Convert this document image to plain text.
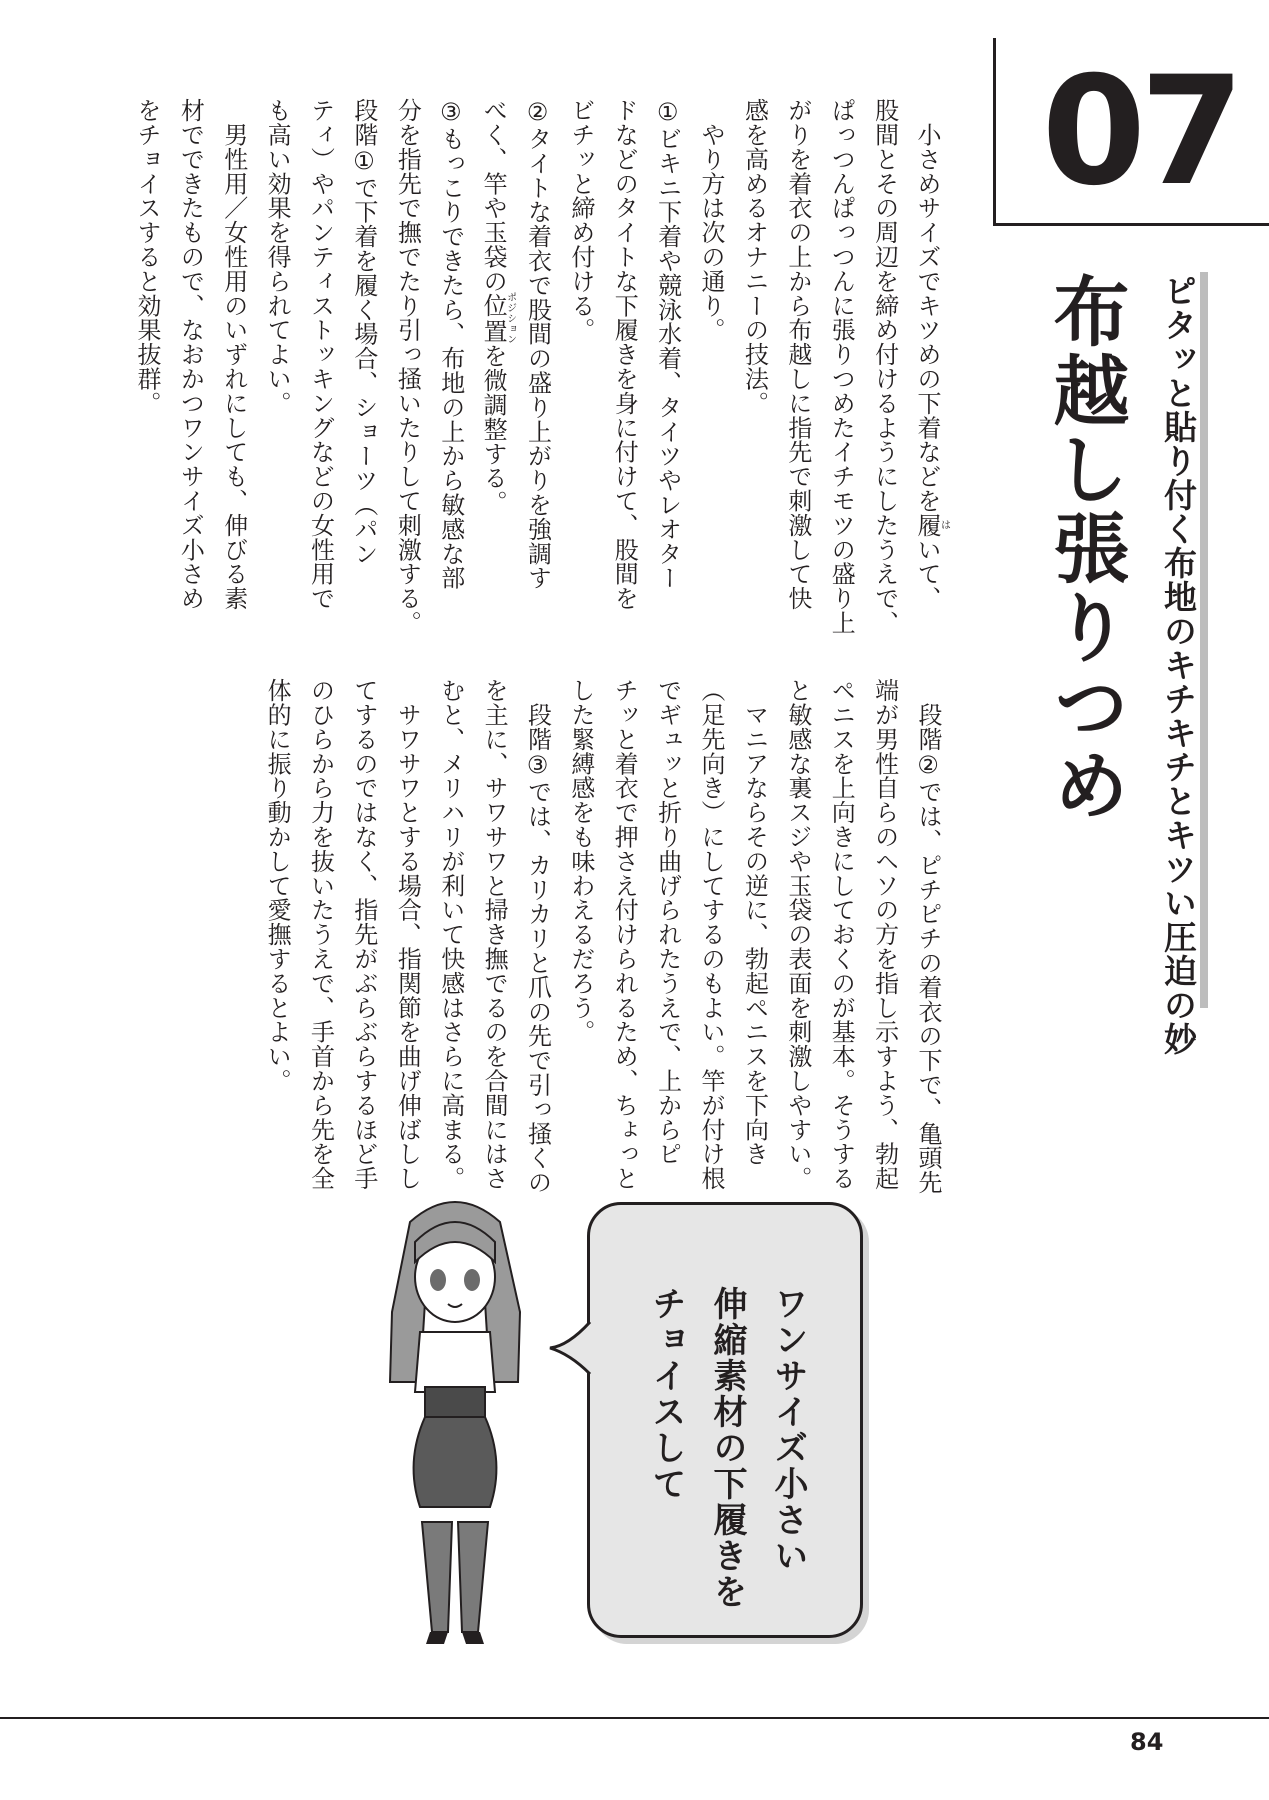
07
ピタッと貼り付く布地のキチキチとキツい圧迫の妙
布越し張りつめ
　小さめサイズでキツめの下着などを履はいて、
股間とその周辺を締め付けるようにしたうえで、
ぱっつんぱっつんに張りつめたイチモツの盛り上
がりを着衣の上から布越しに指先で刺激して快
感を高めるオナニーの技法。
　やり方は次の通り。
①ビキニ下着や競泳水着、タイツやレオター
ドなどのタイトな下履きを身に付けて、股間を
ビチッと締め付ける。
②タイトな着衣で股間の盛り上がりを強調す
べく、竿や玉袋の位置ポジションを微調整する。
③もっこりできたら、布地の上から敏感な部
分を指先で撫でたり引っ掻いたりして刺激する。
段階①で下着を履く場合、ショーツ（パン
ティ）やパンティストッキングなどの女性用で
も高い効果を得られてよい。
　男性用／女性用のいずれにしても、伸びる素
材でできたもので、なおかつワンサイズ小さめ
をチョイスすると効果抜群。
　段階②では、ピチピチの着衣の下で、亀頭先
端が男性自らのヘソの方を指し示すよう、勃起
ペニスを上向きにしておくのが基本。そうする
と敏感な裏スジや玉袋の表面を刺激しやすい。
　マニアならその逆に、勃起ペニスを下向き
（足先向き）にしてするのもよい。竿が付け根
でギュッと折り曲げられたうえで、上からピ
チッと着衣で押さえ付けられるため、ちょっと
した緊縛感をも味わえるだろう。
　段階③では、カリカリと爪の先で引っ掻くの
を主に、サワサワと掃き撫でるのを合間にはさ
むと、メリハリが利いて快感はさらに高まる。
　サワサワとする場合、指関節を曲げ伸ばしし
てするのではなく、指先がぶらぶらするほど手
のひらから力を抜いたうえで、手首から先を全
体的に振り動かして愛撫するとよい。
ワンサイズ小さい
伸縮素材の下履きを
チョイスして
84
